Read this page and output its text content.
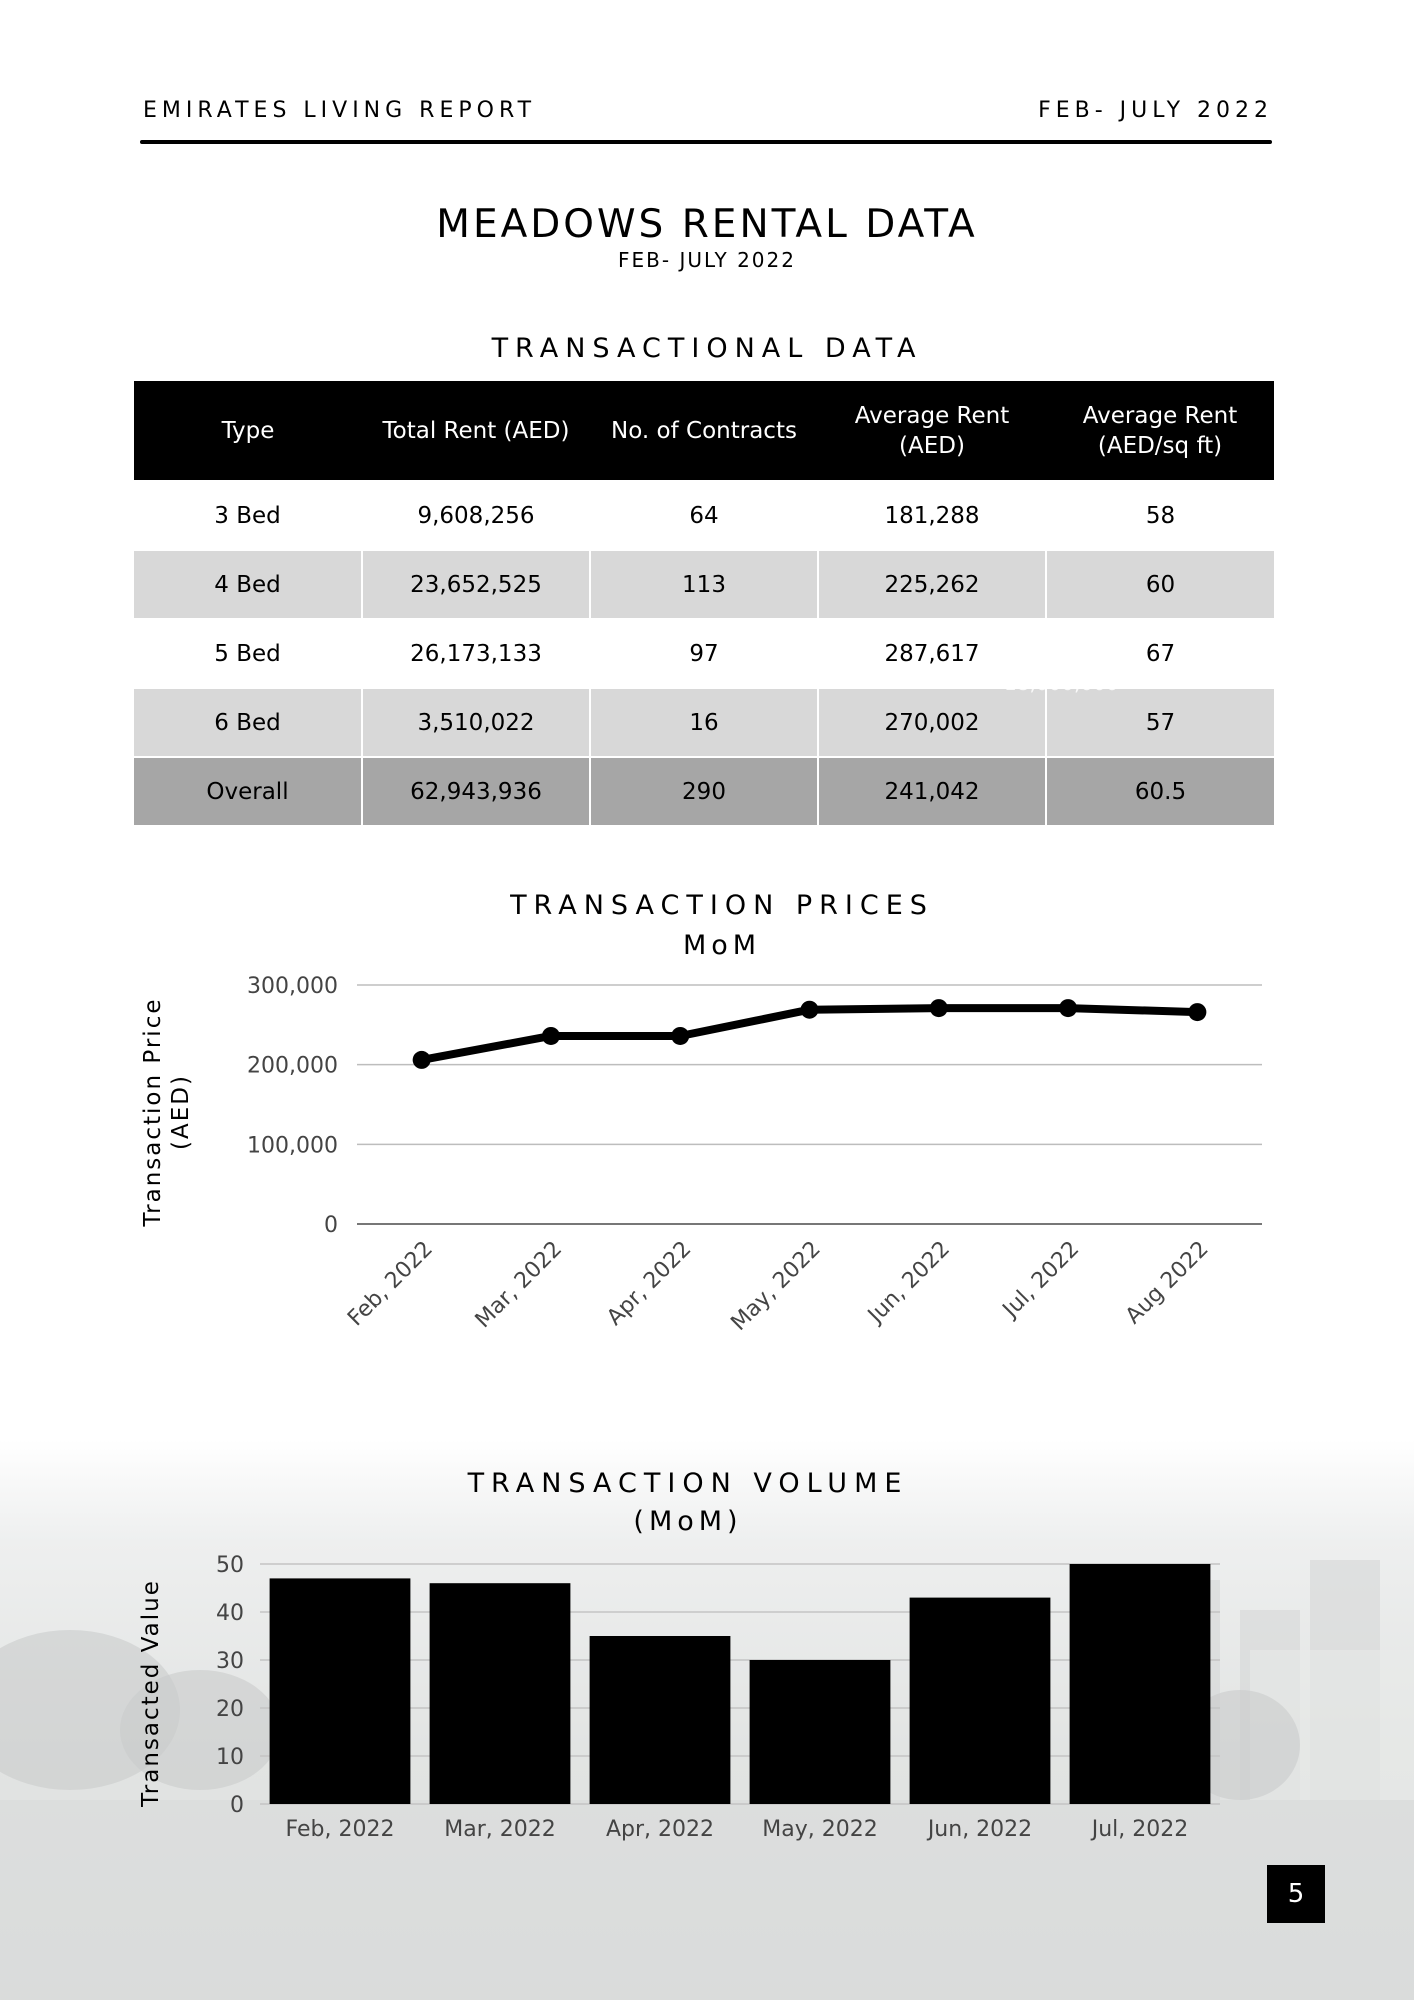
EMIRATES LIVING REPORT	FEB- JULY 2022
MEADOWS RENTAL DATA
FEB- JULY 2022
TRANSACTIONAL DATA
Type	Total Rent (AED)	No. of Contracts	Average Rent (AED)	Average Rent (AED/sq ft)
3 Bed	9,608,256	64	181,288	58
4 Bed	23,652,525	113	225,262	60
5 Bed	26,173,133	97	287,617	67
6 Bed	3,510,022	16	270,002	57
Overall	62,943,936	290	241,042	60.5
18,000,000
TRANSACTION PRICES
MoM
Transaction Price(AED)
0
100,000
200,000
300,000
Feb, 2022 Mar, 2022 Apr, 2022 May, 2022 Jun, 2022 Jul, 2022 Aug 2022
TRANSACTION VOLUME
(MoM)
Transacted Value	0
10
20
30
40
50
Feb, 2022 Mar, 2022 Apr, 2022 May, 2022 Jun, 2022	Jul, 2022
5
